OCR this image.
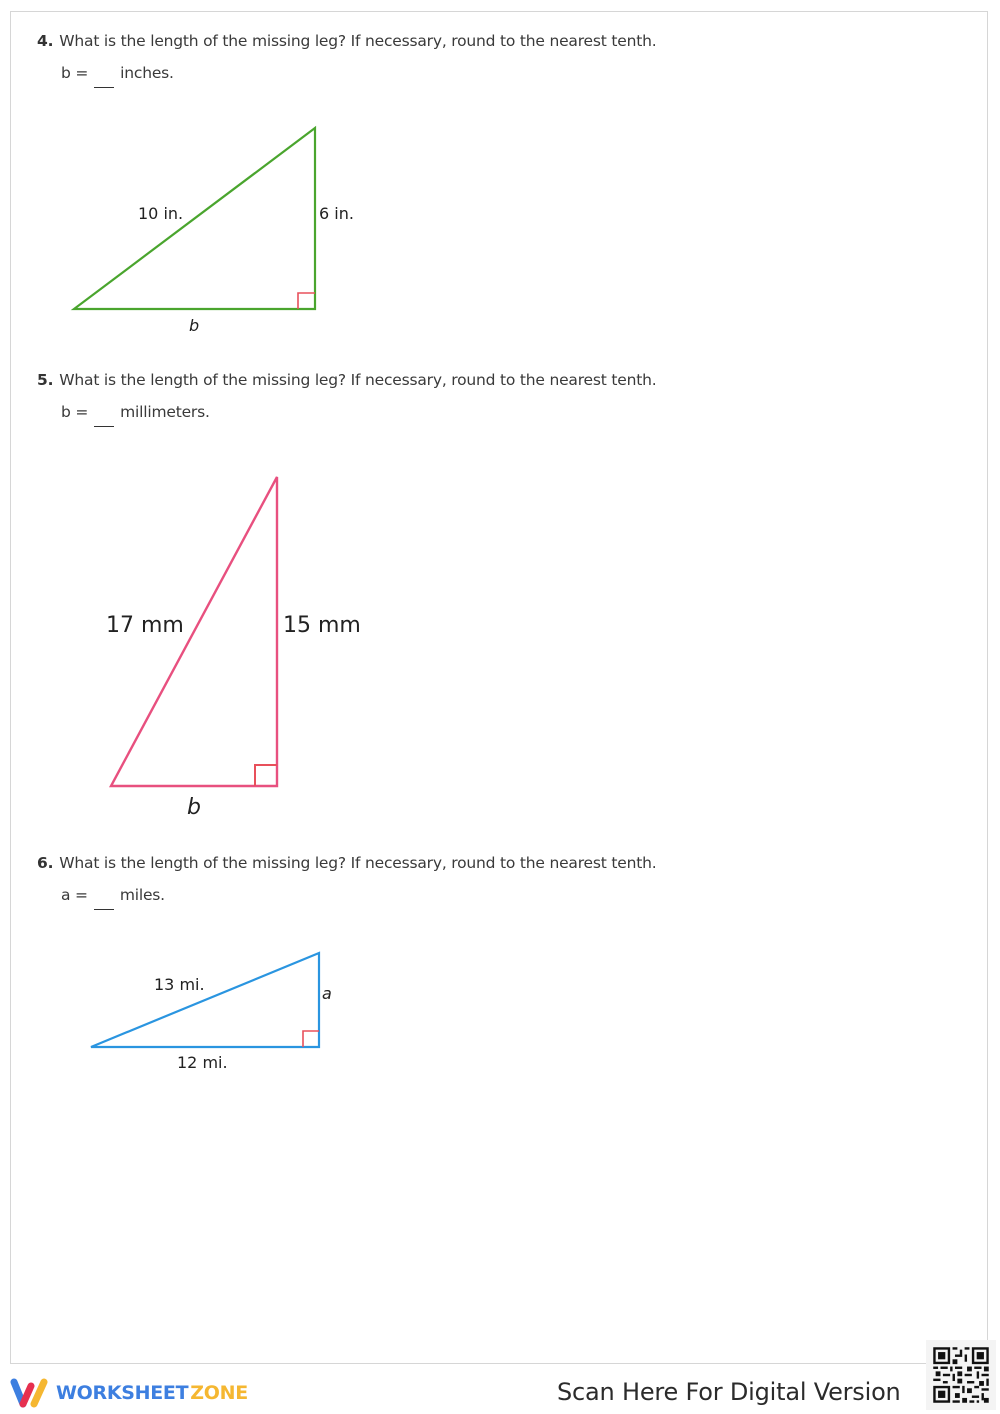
4. What is the length of the missing leg? If necessary, round to the nearest tenth.
b = inches.
10 in.	6 in.
b
5. What is the length of the missing leg? If necessary, round to the nearest tenth.
b = millimeters.
17 mm	15 mm
b
6. What is the length of the missing leg? If necessary, round to the nearest tenth.
a = miles.
13 mi.	a
12 mi.
WORKSHEET ZONE	Scan Here For Digital Version
